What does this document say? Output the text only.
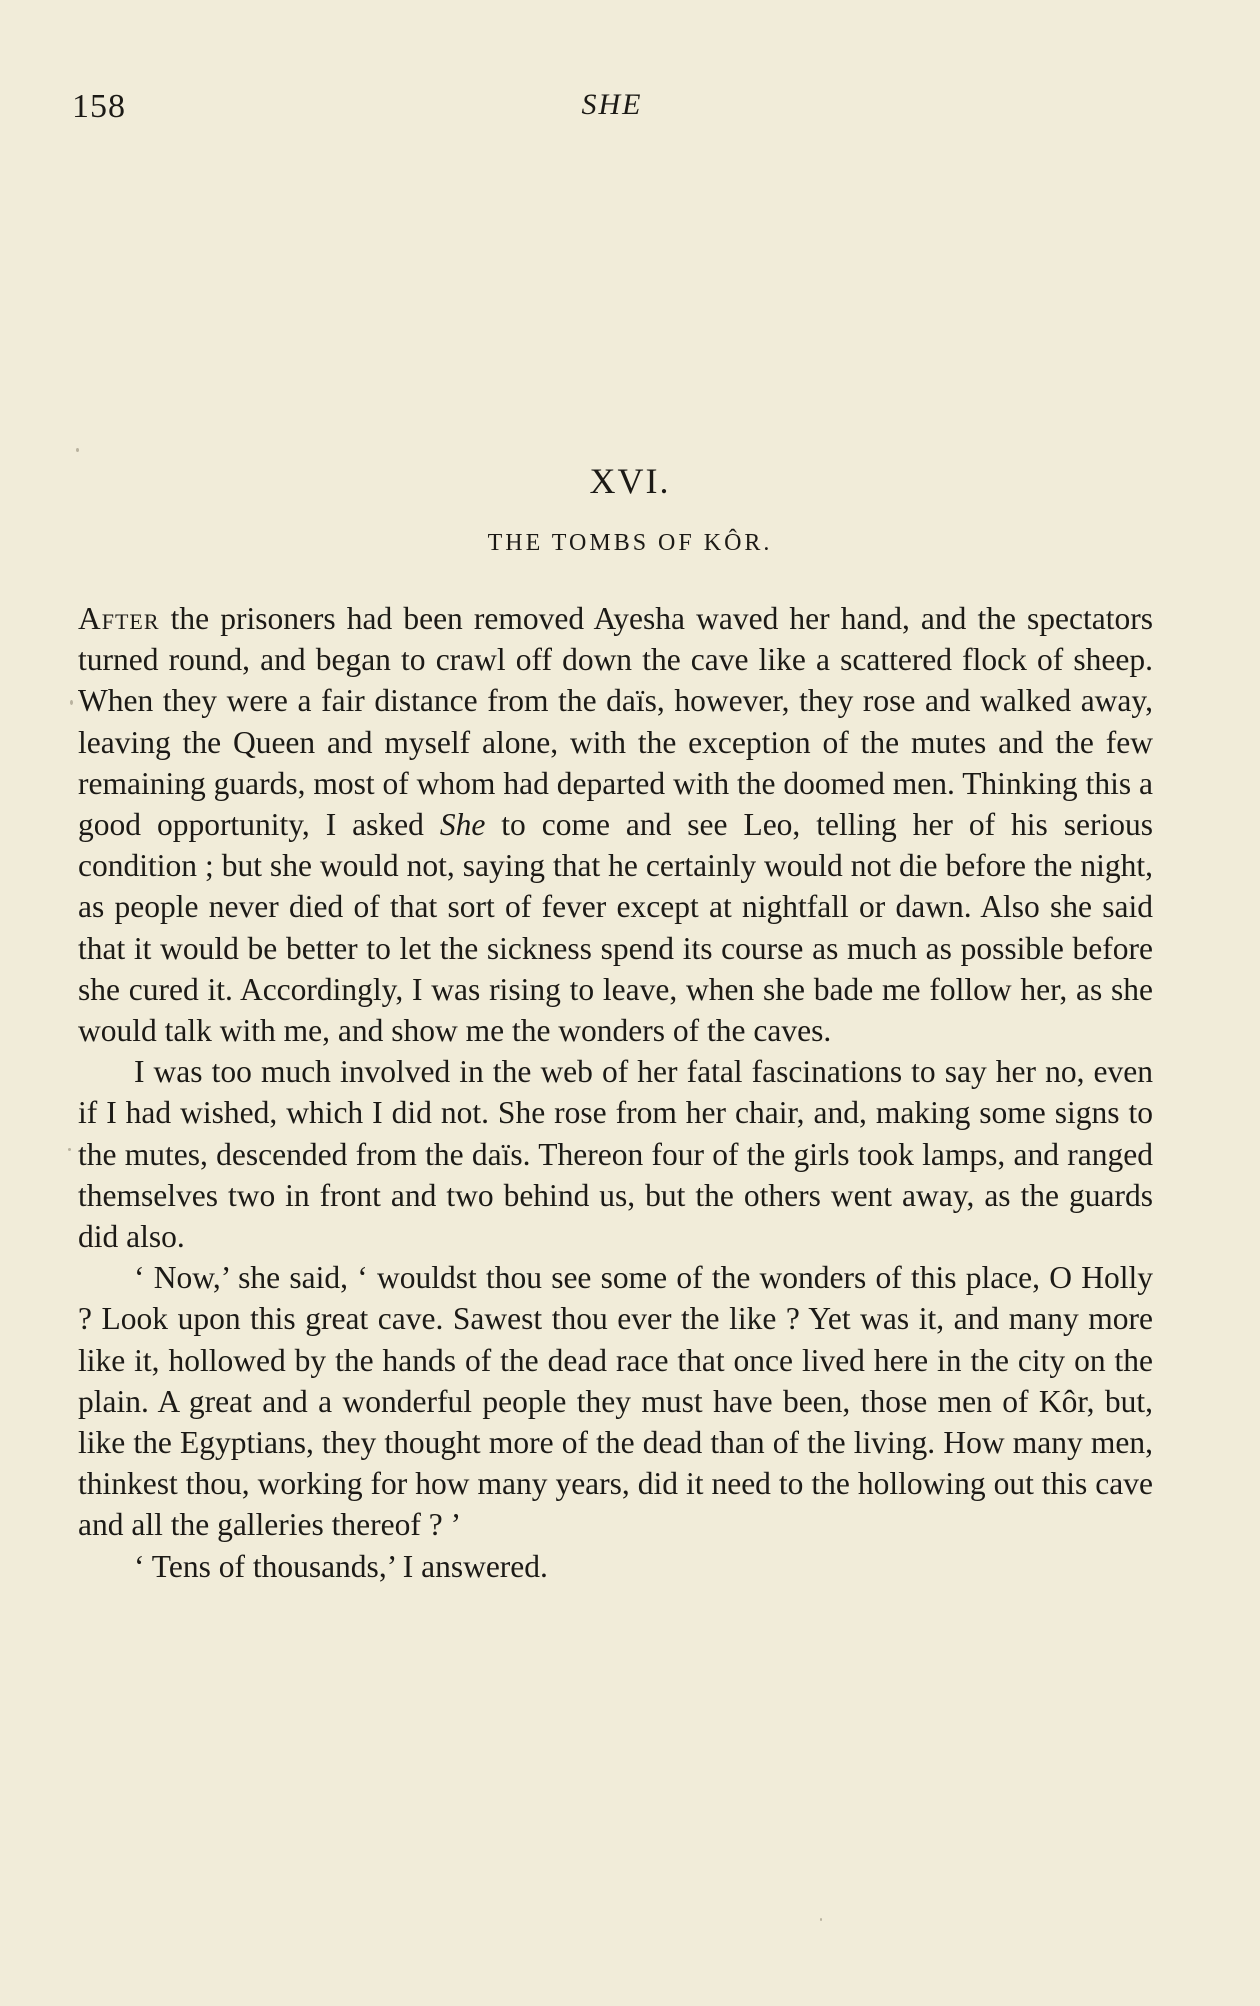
158	SHE
XVI.
THE TOMBS OF KÔR.

After the prisoners had been removed Ayesha waved her hand, and the spectators turned round, and began to crawl off down the cave like a scattered flock of sheep. When they were a fair distance from the daïs, however, they rose and walked away, leaving the Queen and myself alone, with the exception of the mutes and the few remaining guards, most of whom had departed with the doomed men. Thinking this a good opportunity, I asked She to come and see Leo, telling her of his serious condition ; but she would not, saying that he certainly would not die before the night, as people never died of that sort of fever except at nightfall or dawn. Also she said that it would be better to let the sickness spend its course as much as possible before she cured it. Accordingly, I was rising to leave, when she bade me follow her, as she would talk with me, and show me the wonders of the caves.

I was too much involved in the web of her fatal fascinations to say her no, even if I had wished, which I did not. She rose from her chair, and, making some signs to the mutes, descended from the daïs. Thereon four of the girls took lamps, and ranged themselves two in front and two behind us, but the others went away, as the guards did also.

‘ Now,’ she said, ‘ wouldst thou see some of the wonders of this place, O Holly ? Look upon this great cave. Sawest thou ever the like ? Yet was it, and many more like it, hollowed by the hands of the dead race that once lived here in the city on the plain. A great and a wonderful people they must have been, those men of Kôr, but, like the Egyptians, they thought more of the dead than of the living. How many men, thinkest thou, working for how many years, did it need to the hollowing out this cave and all the galleries thereof ? ’

‘ Tens of thousands,’ I answered.
